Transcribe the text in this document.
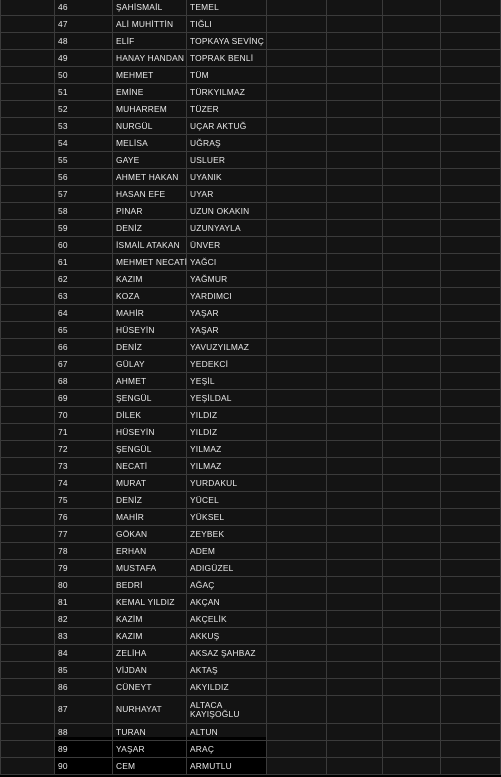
	46	ŞAHİSMAİL	TEMEL				
	47	ALİ MUHİTTİN	TIĞLI				
	48	ELİF	TOPKAYA SEVİNÇ				
	49	HANAY HANDAN	TOPRAK BENLİ				
	50	MEHMET	TÜM				
	51	EMİNE	TÜRKYILMAZ				
	52	MUHARREM	TÜZER				
	53	NURGÜL	UÇAR AKTUĞ				
	54	MELİSA	UĞRAŞ				
	55	GAYE	USLUER				
	56	AHMET HAKAN	UYANIK				
	57	HASAN EFE	UYAR				
	58	PINAR	UZUN OKAKIN				
	59	DENİZ	UZUNYAYLA				
	60	İSMAİL ATAKAN	ÜNVER				
	61	MEHMET NECATİ	YAĞCI				
	62	KAZIM	YAĞMUR				
	63	KOZA	YARDIMCI				
	64	MAHİR	YAŞAR				
	65	HÜSEYİN	YAŞAR				
	66	DENİZ	YAVUZYILMAZ				
	67	GÜLAY	YEDEKCİ				
	68	AHMET	YEŞİL				
	69	ŞENGÜL	YEŞİLDAL				
	70	DİLEK	YILDIZ				
	71	HÜSEYİN	YILDIZ				
	72	ŞENGÜL	YILMAZ				
	73	NECATİ	YILMAZ				
	74	MURAT	YURDAKUL				
	75	DENİZ	YÜCEL				
	76	MAHİR	YÜKSEL				
	77	GÖKAN	ZEYBEK				
	78	ERHAN	ADEM				
	79	MUSTAFA	ADIGÜZEL				
	80	BEDRİ	AĞAÇ				
	81	KEMAL YILDIZ	AKÇAN				
	82	KAZİM	AKÇELİK				
	83	KAZIM	AKKUŞ				
	84	ZELİHA	AKSAZ ŞAHBAZ				
	85	VİJDAN	AKTAŞ				
	86	CÜNEYT	AKYILDIZ				
	87	NURHAYAT	ALTACA KAYIŞOĞLU				
	88	TURAN	ALTUN				
	89	YAŞAR	ARAÇ				
	90	CEM	ARMUTLU				
